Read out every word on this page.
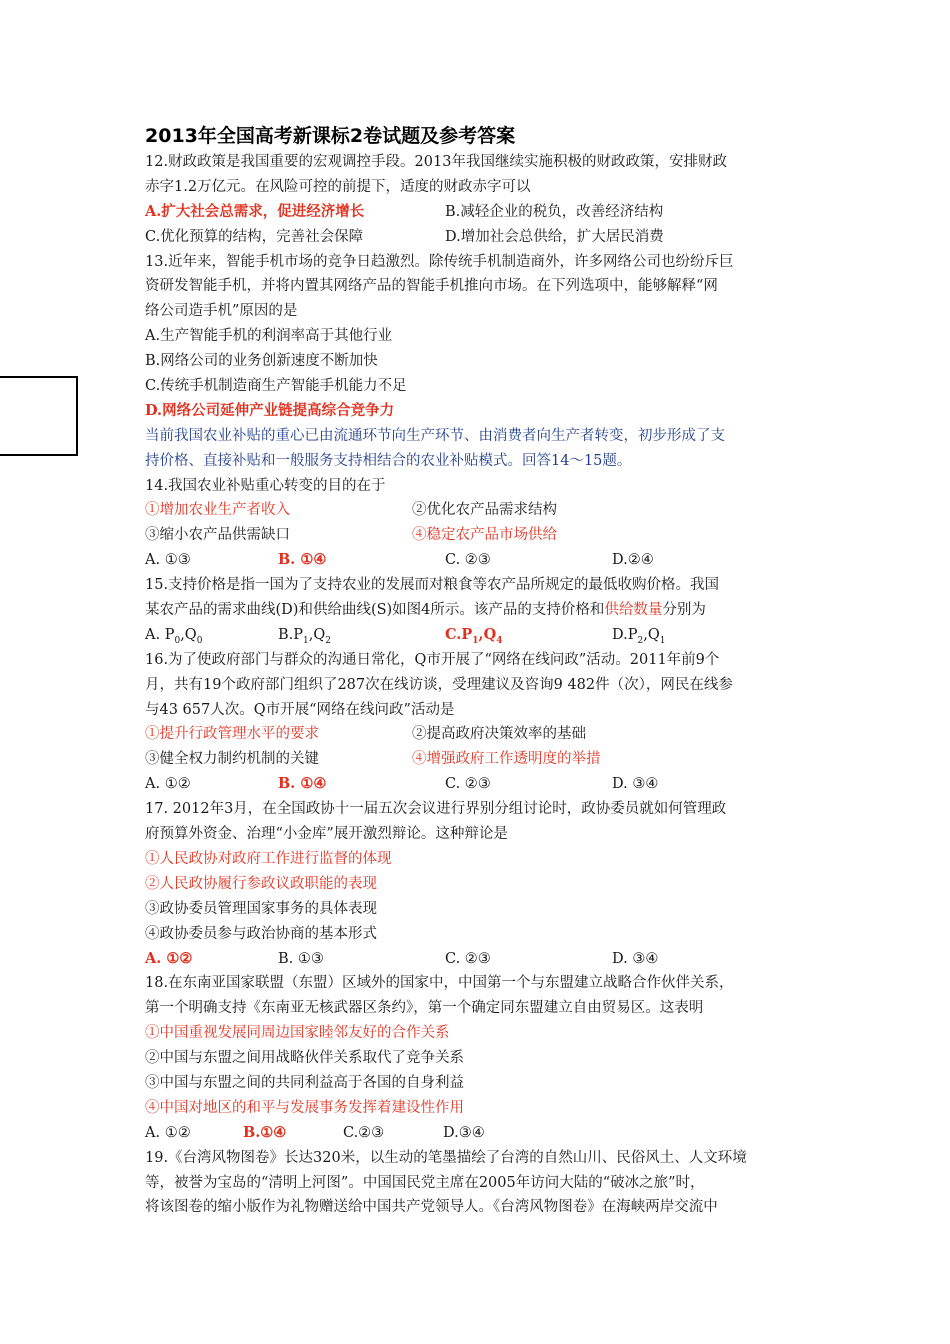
2013年全国高考新课标2卷试题及参考答案
12.财政政策是我国重要的宏观调控手段。2013年我国继续实施积极的财政政策，安排财政
赤字1.2万亿元。在风险可控的前提下，适度的财政赤字可以
A.扩大社会总需求，促进经济增长	B.减轻企业的税负，改善经济结构
C.优化预算的结构，完善社会保障	D.增加社会总供给，扩大居民消费
13.近年来，智能手机市场的竞争日趋激烈。除传统手机制造商外，许多网络公司也纷纷斥巨
资研发智能手机，并将内置其网络产品的智能手机推向市场。在下列选项中，能够解释“网
络公司造手机”原因的是
A.生产智能手机的利润率高于其他行业
B.网络公司的业务创新速度不断加快
C.传统手机制造商生产智能手机能力不足
D.网络公司延伸产业链提高综合竞争力
当前我国农业补贴的重心已由流通环节向生产环节、由消费者向生产者转变，初步形成了支
持价格、直接补贴和一般服务支持相结合的农业补贴模式。回答14～15题。
14.我国农业补贴重心转变的目的在于
①增加农业生产者收入	②优化农产品需求结构
③缩小农产品供需缺口	④稳定农产品市场供给
A. ①③	B. ①④	C. ②③	D.②④
15.支持价格是指一国为了支持农业的发展而对粮食等农产品所规定的最低收购价格。我国
某农产品的需求曲线(D)和供给曲线(S)如图4所示。该产品的支持价格和供给数量分别为
A. $P_0,Q_0$	$B.P_1,Q_2$	$C.P_1,Q_4$	$D.P_2,Q_1$
16.为了使政府部门与群众的沟通日常化，Q市开展了“网络在线问政”活动。2011年前9个
月，共有19个政府部门组织了287次在线访谈，受理建议及咨询9 482件（次），网民在线参
与43 657人次。Q市开展“网络在线问政”活动是
①提升行政管理水平的要求	②提高政府决策效率的基础
③健全权力制约机制的关键	④增强政府工作透明度的举措
A. ①②	B. ①④	C. ②③	D. ③④
17. 2012年3月，在全国政协十一届五次会议进行界别分组讨论时，政协委员就如何管理政
府预算外资金、治理“小金库”展开激烈辩论。这种辩论是
①人民政协对政府工作进行监督的体现
②人民政协履行参政议政职能的表现
③政协委员管理国家事务的具体表现
④政协委员参与政治协商的基本形式
A. ①②	B. ①③	C. ②③	D. ③④
18.在东南亚国家联盟（东盟）区域外的国家中，中国第一个与东盟建立战略合作伙伴关系，
第一个明确支持《东南亚无核武器区条约》，第一个确定同东盟建立自由贸易区。这表明
①中国重视发展同周边国家睦邻友好的合作关系
②中国与东盟之间用战略伙伴关系取代了竞争关系
③中国与东盟之间的共同利益高于各国的自身利益
④中国对地区的和平与发展事务发挥着建设性作用
A. ①②	B.①④	C.②③	D.③④
19.《台湾风物图卷》长达320米，以生动的笔墨描绘了台湾的自然山川、民俗风土、人文环境
等，被誉为宝岛的“清明上河图”。中国国民党主席在2005年访问大陆的“破冰之旅”时，
将该图卷的缩小版作为礼物赠送给中国共产党领导人。《台湾风物图卷》在海峡两岸交流中
